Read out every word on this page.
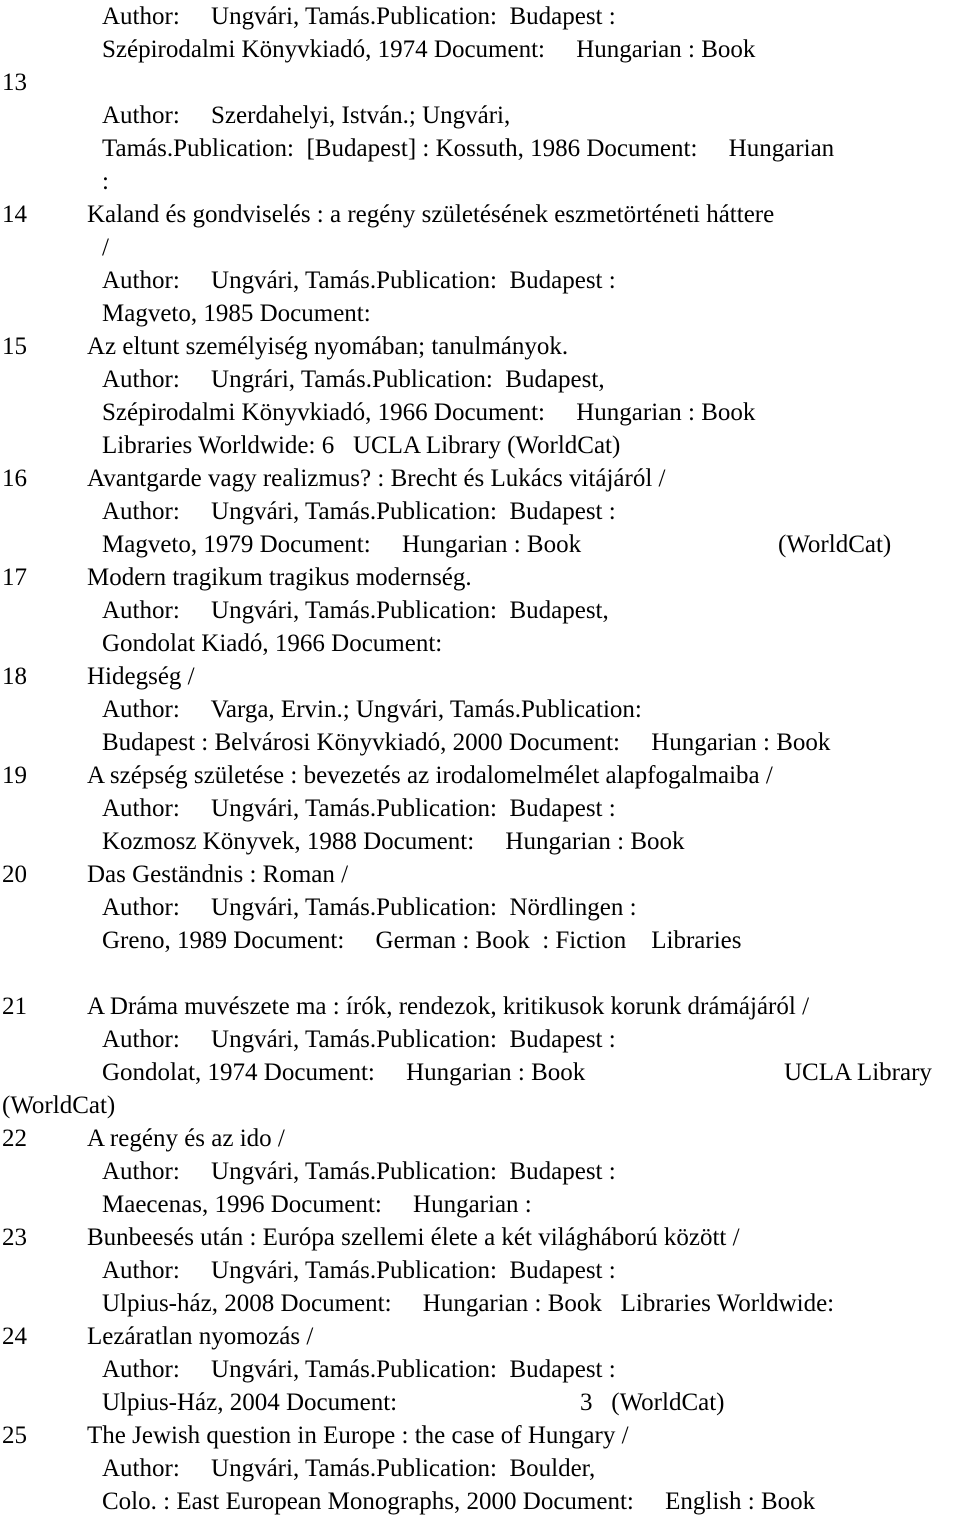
Author:     Ungvári, Tamás.Publication:  Budapest :
Szépirodalmi Könyvkiadó, 1974 Document:     Hungarian : Book
13
Author:     Szerdahelyi, István.; Ungvári,
Tamás.Publication:  [Budapest] : Kossuth, 1986 Document:     Hungarian
:
14 Kaland és gondviselés : a regény születésének eszmetörténeti háttere
/
Author:     Ungvári, Tamás.Publication:  Budapest :
Magveto, 1985 Document:
15 Az eltunt személyiség nyomában; tanulmányok.
Author:     Ungrári, Tamás.Publication:  Budapest,
Szépirodalmi Könyvkiadó, 1966 Document:     Hungarian : Book
Libraries Worldwide: 6   UCLA Library (WorldCat)
16 Avantgarde vagy realizmus? : Brecht és Lukács vitájáról /
Author:     Ungvári, Tamás.Publication:  Budapest :
Magveto, 1979 Document:     Hungarian : Book	(WorldCat)
17 Modern tragikum tragikus modernség.
Author:     Ungvári, Tamás.Publication:  Budapest,
Gondolat Kiadó, 1966 Document:
18 Hidegség /
Author:     Varga, Ervin.; Ungvári, Tamás.Publication:
Budapest : Belvárosi Könyvkiadó, 2000 Document:     Hungarian : Book
19 A szépség születése : bevezetés az irodalomelmélet alapfogalmaiba /
Author:     Ungvári, Tamás.Publication:  Budapest :
Kozmosz Könyvek, 1988 Document:     Hungarian : Book
20 Das Geständnis : Roman /
Author:     Ungvári, Tamás.Publication:  Nördlingen :
Greno, 1989 Document:     German : Book  : Fiction    Libraries
21 A Dráma muvészete ma : írók, rendezok, kritikusok korunk drámájáról /
Author:     Ungvári, Tamás.Publication:  Budapest :
Gondolat, 1974 Document:     Hungarian : Book	UCLA Library
(WorldCat)
22 A regény és az ido /
Author:     Ungvári, Tamás.Publication:  Budapest :
Maecenas, 1996 Document:     Hungarian :
23 Bunbeesés után : Európa szellemi élete a két világháború között /
Author:     Ungvári, Tamás.Publication:  Budapest :
Ulpius-ház, 2008 Document:     Hungarian : Book   Libraries Worldwide:
24 Lezáratlan nyomozás /
Author:     Ungvári, Tamás.Publication:  Budapest :
Ulpius-Ház, 2004 Document:	3   (WorldCat)
25 The Jewish question in Europe : the case of Hungary /
Author:     Ungvári, Tamás.Publication:  Boulder,
Colo. : East European Monographs, 2000 Document:     English : Book
